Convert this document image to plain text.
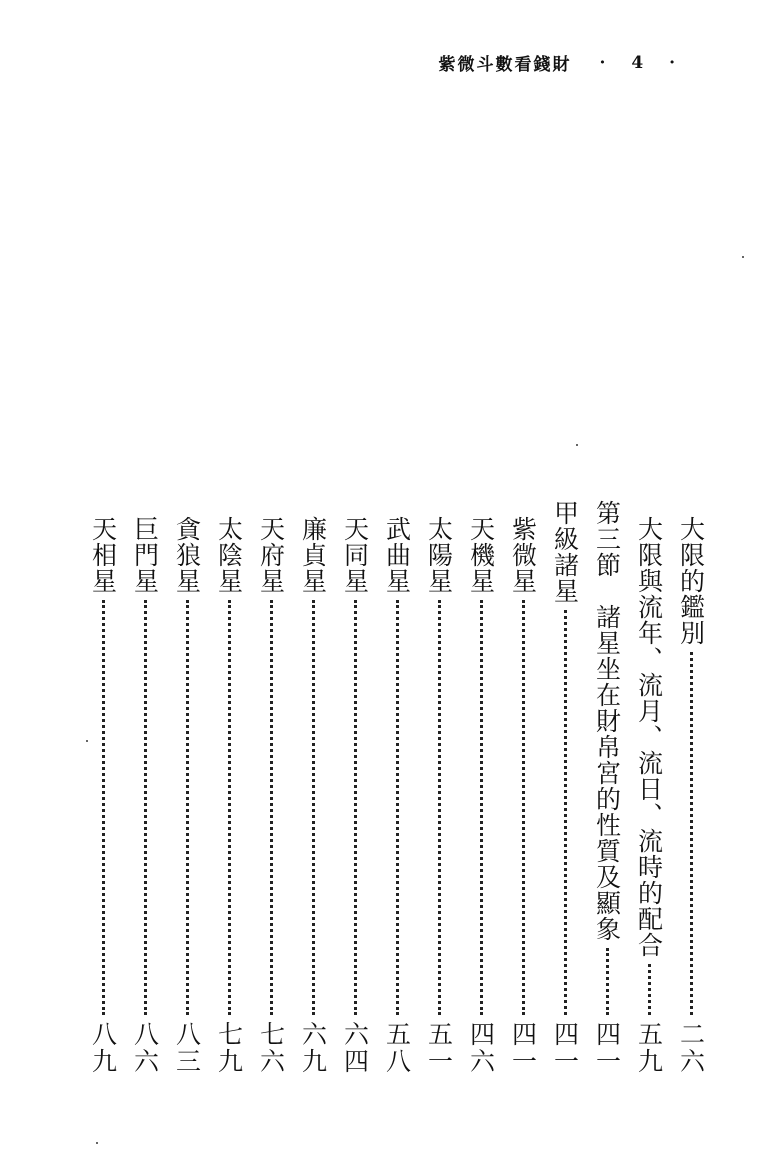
紫微斗數看錢財 · 4 ·
大限的鑑別
二六
大限與流年、流月、流日、流時的配合
五九
第三節　諸星坐在財帛宮的性質及顯象
四一
甲級諸星
四一
紫微星
四一
天機星
四六
太陽星
五一
武曲星
五八
天同星
六四
廉貞星
六九
天府星
七六
太陰星
七九
貪狼星
八三
巨門星
八六
天相星
八九
